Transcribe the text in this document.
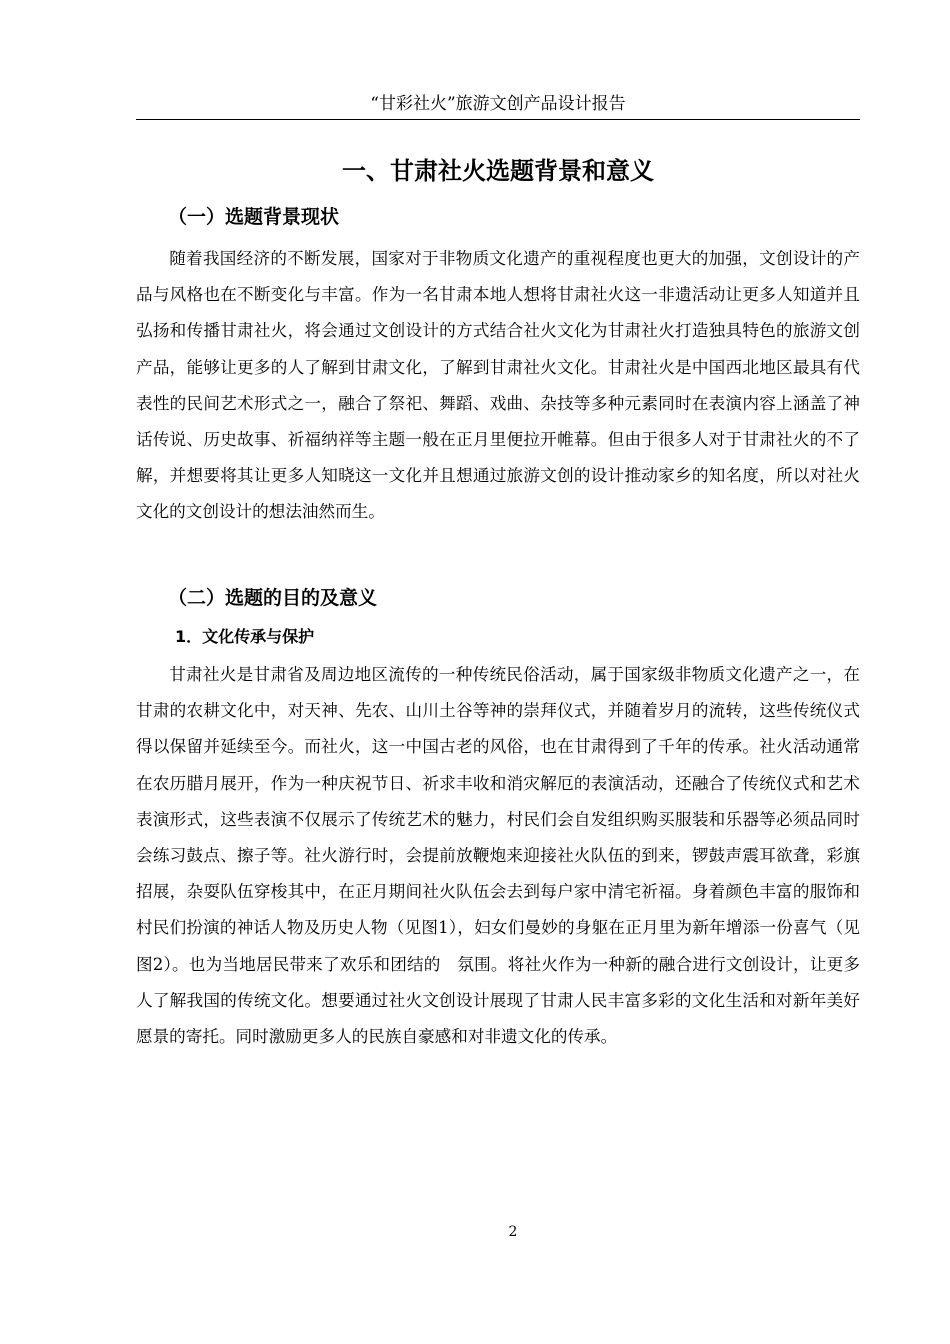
“甘彩社火”旅游文创产品设计报告
一、甘肃社火选题背景和意义
（一）选题背景现状

随着我国经济的不断发展，国家对于非物质文化遗产的重视程度也更大的加强，文创设计的产品与风格也在不断变化与丰富。作为一名甘肃本地人想将甘肃社火这一非遗活动让更多人知道并且弘扬和传播甘肃社火，将会通过文创设计的方式结合社火文化为甘肃社火打造独具特色的旅游文创产品，能够让更多的人了解到甘肃文化，了解到甘肃社火文化。甘肃社火是中国西北地区最具有代表性的民间艺术形式之一，融合了祭祀、舞蹈、戏曲、杂技等多种元素同时在表演内容上涵盖了神话传说、历史故事、祈福纳祥等主题一般在正月里便拉开帷幕。但由于很多人对于甘肃社火的不了解，并想要将其让更多人知晓这一文化并且想通过旅游文创的设计推动家乡的知名度，所以对社火文化的文创设计的想法油然而生。

（二）选题的目的及意义
1．文化传承与保护

甘肃社火是甘肃省及周边地区流传的一种传统民俗活动，属于国家级非物质文化遗产之一，在甘肃的农耕文化中，对天神、先农、山川土谷等神的崇拜仪式，并随着岁月的流转，这些传统仪式得以保留并延续至今。而社火，这一中国古老的风俗，也在甘肃得到了千年的传承。社火活动通常在农历腊月展开，作为一种庆祝节日、祈求丰收和消灾解厄的表演活动，还融合了传统仪式和艺术表演形式，这些表演不仅展示了传统艺术的魅力，村民们会自发组织购买服装和乐器等必须品同时会练习鼓点、擦子等。社火游行时，会提前放鞭炮来迎接社火队伍的到来，锣鼓声震耳欲聋，彩旗招展，杂耍队伍穿梭其中，在正月期间社火队伍会去到每户家中清宅祈福。身着颜色丰富的服饰和村民们扮演的神话人物及历史人物（见图1），妇女们曼妙的身躯在正月里为新年增添一份喜气（见图2）。也为当地居民带来了欢乐和团结的　氛围。将社火作为一种新的融合进行文创设计，让更多人了解我国的传统文化。想要通过社火文创设计展现了甘肃人民丰富多彩的文化生活和对新年美好愿景的寄托。同时激励更多人的民族自豪感和对非遗文化的传承。

2
